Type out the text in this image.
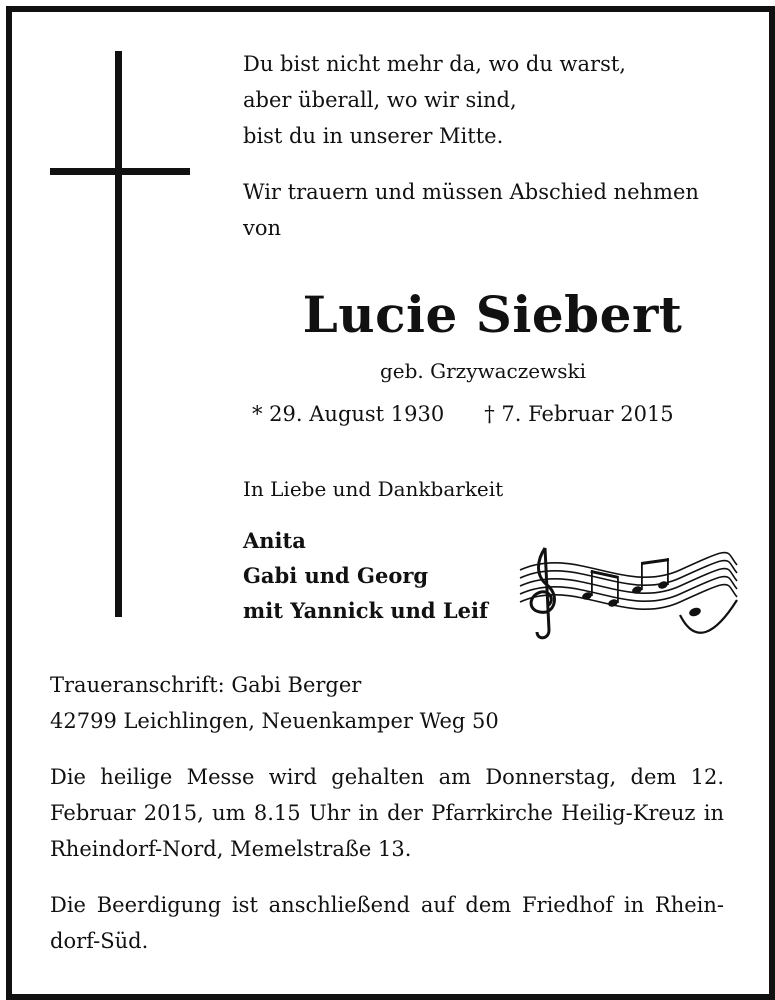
Du bist nicht mehr da, wo du warst,
aber überall, wo wir sind,
bist du in unserer Mitte.
Wir trauern und müssen Abschied nehmen
von
Lucie Siebert
geb. Grzywaczewski
* 29. August 1930 † 7. Februar 2015
In Liebe und Dankbarkeit
Anita
Gabi und Georg
mit Yannick und Leif
Traueranschrift: Gabi Berger
42799 Leichlingen, Neuenkamper Weg 50
Die heilige Messe wird gehalten am Donnerstag, dem 12. Februar 2015, um 8.15 Uhr in der Pfarrkirche Heilig-Kreuz in Rheindorf-Nord, Memelstraße 13.
Die Beerdigung ist anschließend auf dem Friedhof in Rhein-dorf-Süd.
